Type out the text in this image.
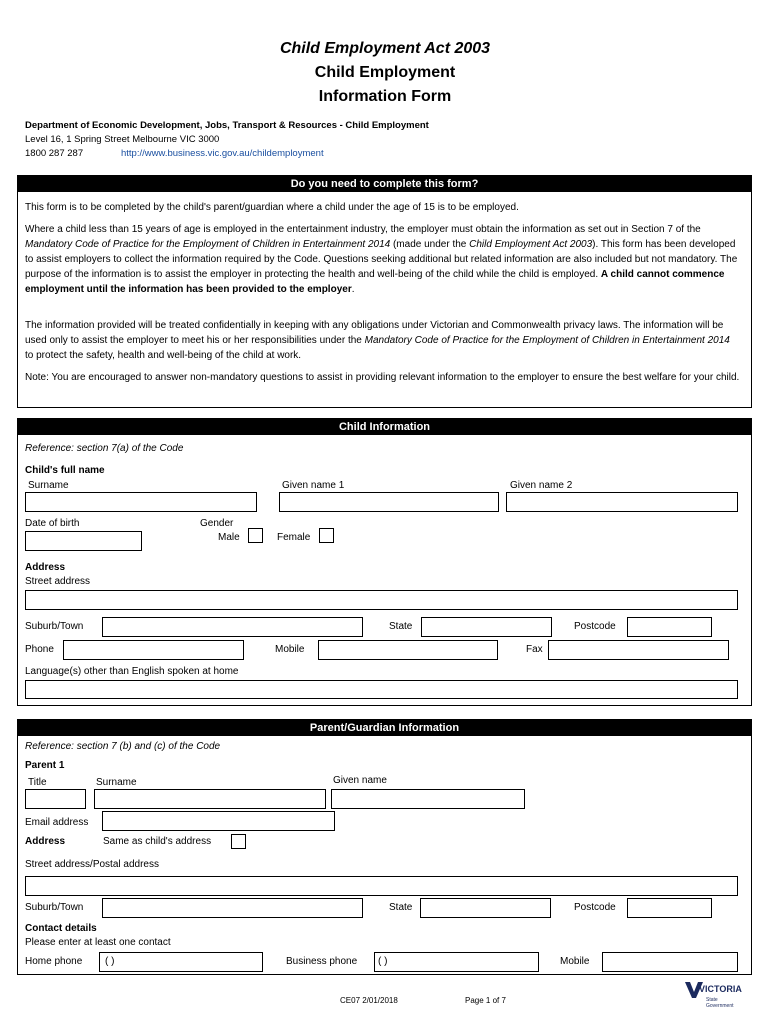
Child Employment Act 2003
Child Employment
Information Form
Department of Economic Development, Jobs, Transport & Resources - Child Employment
Level 16, 1 Spring Street Melbourne VIC 3000
1800 287 287	http://www.business.vic.gov.au/childemployment
Do you need to complete this form?
This form is to be completed by the child's parent/guardian where a child under the age of 15 is to be employed.
Where a child less than 15 years of age is employed in the entertainment industry, the employer must obtain the information as set out in Section 7 of the Mandatory Code of Practice for the Employment of Children in Entertainment 2014 (made under the Child Employment Act 2003). This form has been developed to assist employers to collect the information required by the Code. Questions seeking additional but related information are also included but not mandatory. The purpose of the information is to assist the employer in protecting the health and well-being of the child while the child is employed. A child cannot commence employment until the information has been provided to the employer.
The information provided will be treated confidentially in keeping with any obligations under Victorian and Commonwealth privacy laws. The information will be used only to assist the employer to meet his or her responsibilities under the Mandatory Code of Practice for the Employment of Children in Entertainment 2014 to protect the safety, health and well-being of the child at work.
Note: You are encouraged to answer non-mandatory questions to assist in providing relevant information to the employer to ensure the best welfare for your child.
Child Information
Reference: section 7(a) of the Code
Child's full name
Surname	Given name 1	Given name 2
Date of birth	Gender
Male	Female
Address
Street address
Suburb/Town	State	Postcode
Phone	Mobile	Fax
Language(s) other than English spoken at home
Parent/Guardian Information
Reference: section 7 (b) and (c) of the Code
Parent 1
Title	Surname	Given name
Email address
Address	Same as child's address
Street address/Postal address
Suburb/Town	State	Postcode
Contact details
Please enter at least one contact
Home phone ( )	Business phone ( )	Mobile
CE07 2/01/2018	Page 1 of 7
VICTORIA
State
Government
